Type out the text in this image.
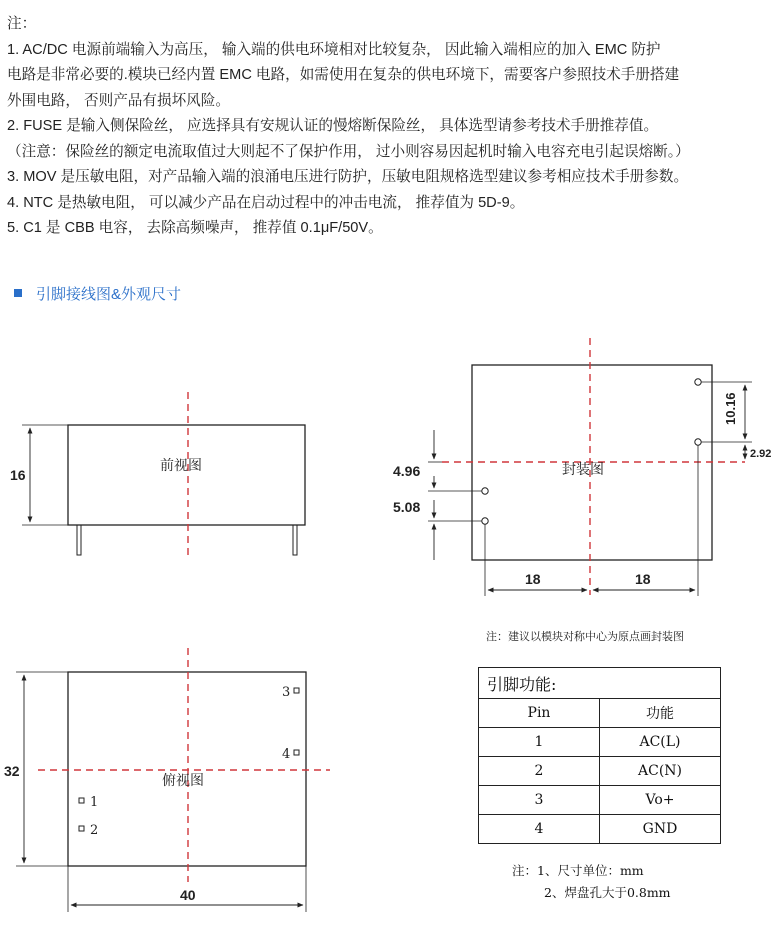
注：
1. AC/DC 电源前端输入为高压， 输入端的供电环境相对比较复杂， 因此输入端相应的加入 EMC 防护
电路是非常必要的.模块已经内置 EMC 电路，如需使用在复杂的供电环境下，需要客户参照技术手册搭建
外围电路， 否则产品有损坏风险。
2. FUSE 是输入侧保险丝， 应选择具有安规认证的慢熔断保险丝， 具体选型请参考技术手册推荐值。
（注意：保险丝的额定电流取值过大则起不了保护作用， 过小则容易因起机时输入电容充电引起误熔断。）
3. MOV 是压敏电阻，对产品输入端的浪涌电压进行防护，压敏电阻规格选型建议参考相应技术手册参数。
4. NTC 是热敏电阻， 可以减少产品在启动过程中的冲击电流， 推荐值为 5D-9。
5. C1 是 CBB 电容， 去除高频噪声， 推荐值 0.1μF/50V。
引脚接线图&外观尺寸
16
前视图	4.96
5.08
10.16
2.92
18	18
封装图
1
2
3
4
32
40
俯视图
注：建议以模块对称中心为原点画封装图
引脚功能:	
Pin	功能
1	AC(L)
2	AC(N)
3	Vo+
4	GND
注：1、尺寸单位：mm
2、焊盘孔大于0.8mm
